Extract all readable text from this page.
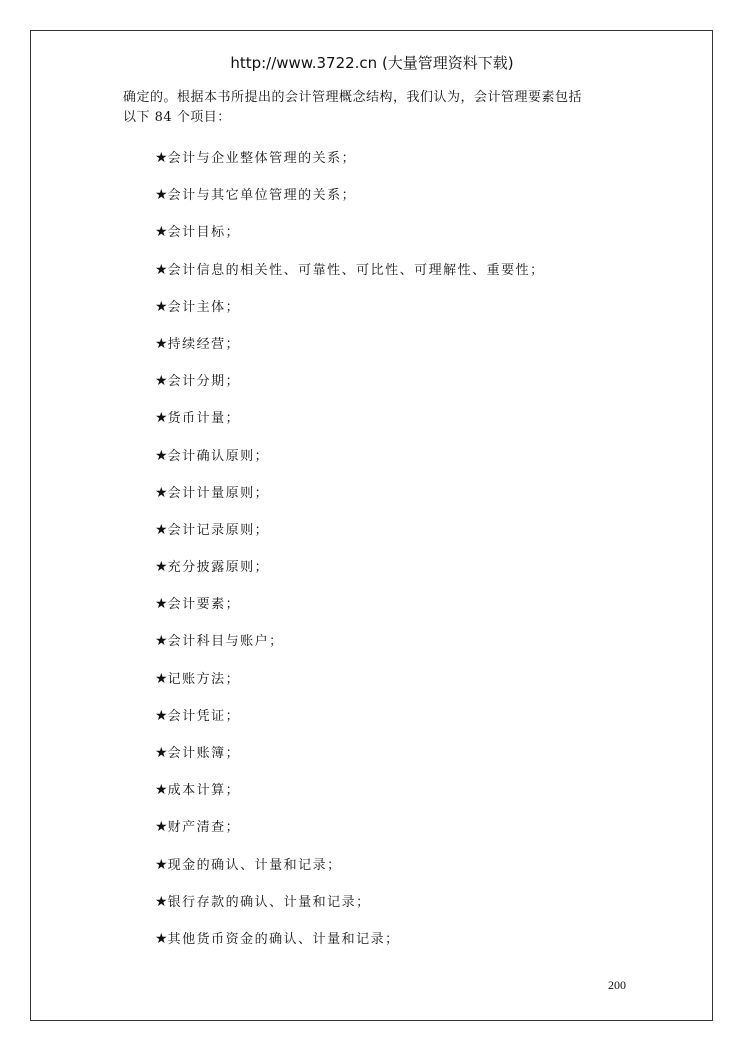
http://www.3722.cn (大量管理资料下载)
确定的。根据本书所提出的会计管理概念结构，我们认为，会计管理要素包括
以下 84 个项目：
★会计与企业整体管理的关系；
★会计与其它单位管理的关系；
★会计目标；
★会计信息的相关性、可靠性、可比性、可理解性、重要性；
★会计主体；
★持续经营；
★会计分期；
★货币计量；
★会计确认原则；
★会计计量原则；
★会计记录原则；
★充分披露原则；
★会计要素；
★会计科目与账户；
★记账方法；
★会计凭证；
★会计账簿；
★成本计算；
★财产清查；
★现金的确认、计量和记录；
★银行存款的确认、计量和记录；
★其他货币资金的确认、计量和记录；
200
